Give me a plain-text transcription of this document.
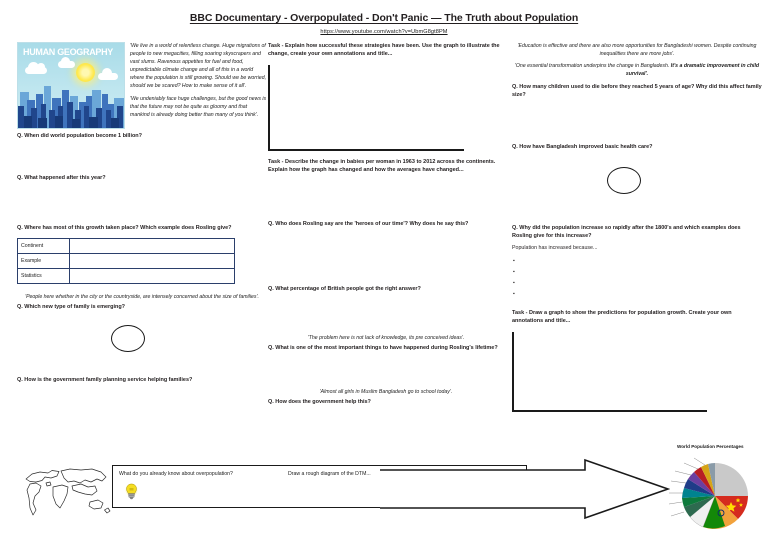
BBC Documentary - Overpopulated - Don't Panic — The Truth about Population
https://www.youtube.com/watch?v=UbmG8gt8PM
HUMAN GEOGRAPHY

'We live in a world of relentless change. Huge migrations of people to new megacities, filling soaring skyscrapers and vast slums. Ravenous appetites for fuel and food, unpredictable climate change and all of this in a world where the population is still growing. Should we be worried, should we be scared? How to make sense of it all'.

'We undeniably face huge challenges, but the good news is that the future may not be quite as gloomy and that mankind is already doing better than many of you think'.

Q. When did world population become 1 billion?

Q. What happened after this year?

Q. Where has most of this growth taken place? Which example does Rosling give?

Continent	
Example	
Statistics	

'People here whether in the city or the countryside, are intensely concerned about the size of families'.

Q. Which new type of family is emerging?

Q. How is the government family planning service helping families?

Task - Explain how successful these strategies have been. Use the graph to illustrate the change, create your own annotations and title...

Task - Describe the change in babies per woman in 1963 to 2012 across the continents. Explain how the graph has changed and how the averages have changed...

Q. Who does Rosling say are the 'heroes of our time'? Why does he say this?

Q. What percentage of British people got the right answer?

'The problem here is not lack of knowledge, its pre conceived ideas'.

Q. What is one of the most important things to have happened during Rosling's lifetime?

'Almost all girls in Muslim Bangladesh go to school today'.

Q. How does the government help this?

'Education is effective and there are also more opportunities for Bangladeshi women. Despite continuing inequalities there are more jobs'.

'One essential transformation underpins the change in Bangladesh. It's a dramatic improvement in child survival'.

Q. How many children used to die before they reached 5 years of age? Why did this affect family size?

Q. How have Bangladesh improved basic health care?

Q. Why did the population increase so rapidly after the 1800's and which examples does Rosling give for this increase?

Population has increased because...

▪
▪
▪
▪

Task - Draw a graph to show the predictions for population growth. Create your own annotations and title...

What do you already know about overpopulation?	Draw a rough diagram of the DTM...
World Population Percentages
